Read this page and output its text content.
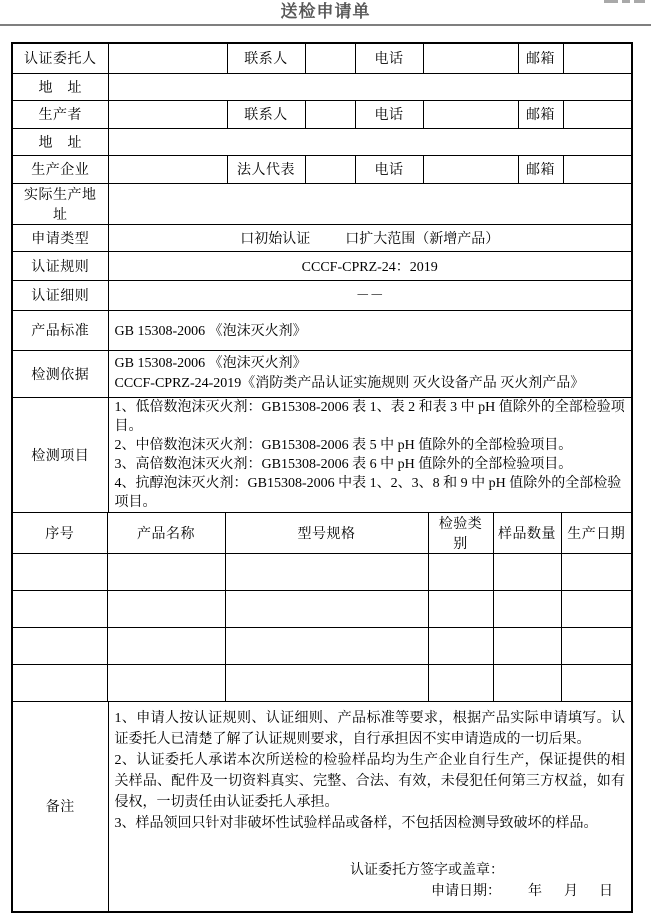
送检申请单
认证委托人		联系人		电话		邮箱	
地　址							
生产者		联系人		电话		邮箱	
地　址							
生产企业		法人代表		电话		邮箱	
实际生产地址							
申请类型	口初始认证 口扩大范围（新增产品）						
认证规则	CCCF-CPRZ-24：2019						
认证细则	－－						
产品标准	GB 15308-2006 《泡沫灭火剂》						
检测依据	GB 15308-2006 《泡沫灭火剂》
CCCF-CPRZ-24-2019《消防类产品认证实施规则 灭火设备产品 灭火剂产品》						

检测项目	1、低倍数泡沫灭火剂：GB15308-2006 表 1、表 2 和表 3 中 pH 值除外的全部检验项目。
2、中倍数泡沫灭火剂：GB15308-2006 表 5 中 pH 值除外的全部检验项目。
3、高倍数泡沫灭火剂：GB15308-2006 表 6 中 pH 值除外的全部检验项目。
4、抗醇泡沫灭火剂：GB15308-2006 中表 1、2、3、8 和 9 中 pH 值除外的全部检验项目。						
序号	产品名称	型号规格	检验类别	样品数量	生产日期

备注	
1、申请人按认证规则、认证细则、产品标准等要求，根据产品实际申请填写。认证委托人已清楚了解了认证规则要求，自行承担因不实申请造成的一切后果。
2、认证委托人承诺本次所送检的检验样品均为生产企业自行生产，保证提供的相关样品、配件及一切资料真实、完整、合法、有效，未侵犯任何第三方权益，如有侵权，一切责任由认证委托人承担。
3、样品领回只针对非破坏性试验样品或备样，不包括因检测导致破坏的样品。
认证委托方签字或盖章：
申请日期： 年 月 日
